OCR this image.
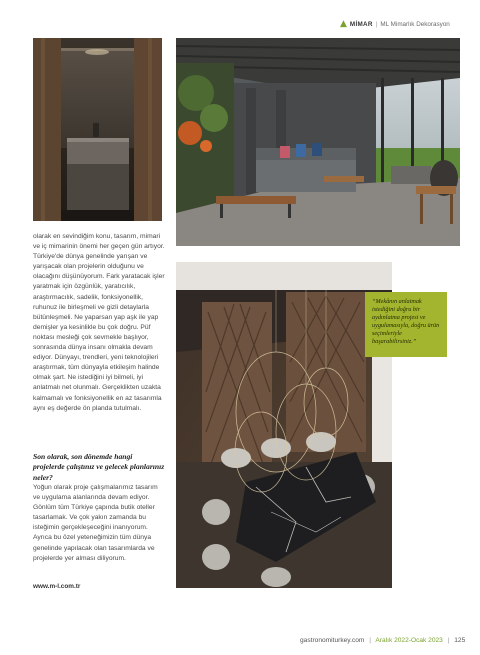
▲ MİMAR | ML Mimarlık Dekorasyon
olarak en sevindiğim konu, tasarım, mimari ve iç mimarinin önemi her geçen gün artıyor. Türkiye'de dünya genelinde yarışan ve yarışacak olan projelerin olduğunu ve olacağını düşünüyorum. Fark yaratacak işler yaratmak için özgünlük, yaratıcılık, araştırmacılık, sadelik, fonksiyonellik, ruhunuz ile birleşmeli ve gizli detaylarla bütünleşmeli. Ne yaparsan yap aşk ile yap demişler ya kesinlikle bu çok doğru. Püf noktası mesleği çok sevmekle başlıyor, sonrasında dünya insanı olmakla devam ediyor. Dünyayı, trendleri, yeni teknolojileri araştırmak, tüm dünyayla etkileşim halinde olmak şart. Ne istediğini iyi bilmeli, iyi anlatmalı net olunmalı. Gerçeklikten uzakta kalmamalı ve fonksiyonellik en az tasarımla aynı eş değerde ön planda tutulmalı.
Son olarak, son dönemde hangi projelerde çalıştınız ve gelecek planlarınız neler?
Yoğun olarak proje çalışmalarımız tasarım ve uygulama alanlarında devam ediyor. Gönlüm tüm Türkiye çapında butik oteller tasarlamak. Ve çok yakın zamanda bu isteğimin gerçekleşeceğini inanıyorum. Ayrıca bu özel yeteneğimizin tüm dünya genelinde yapılacak olan tasarımlarda ve projelerde yer alması diliyorum.
www.m-l.com.tr
“Mekânın anlatmak istediğini doğru bir aydınlatma projesi ve uygulamasıyla, doğru ürün seçimleriyle başarabilirsiniz.”
gastronomiturkey.com | Aralık 2022-Ocak 2023 | 125
